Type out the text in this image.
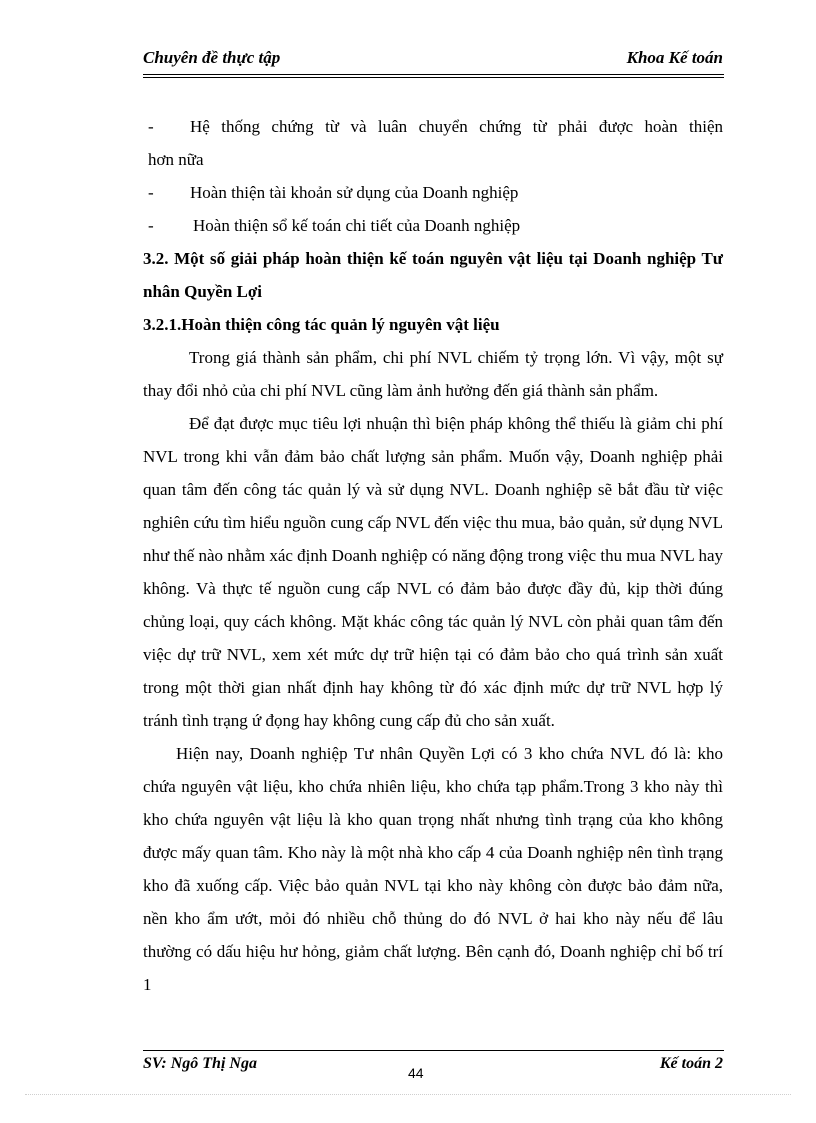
Chuyên đề thực tập	Khoa Kế toán
- Hệ thống chứng từ và luân chuyển chứng từ phải được hoàn thiện
hơn nữa
- Hoàn thiện tài khoản sử dụng của Doanh nghiệp
- Hoàn thiện sổ kế toán chi tiết của Doanh nghiệp

3.2. Một số giải pháp hoàn thiện kế toán nguyên vật liệu tại Doanh nghiệp Tư nhân Quyền Lợi

3.2.1.Hoàn thiện công tác quản lý nguyên vật liệu

Trong giá thành sản phẩm, chi phí NVL chiếm tỷ trọng lớn. Vì vậy, một sự thay đổi nhỏ của chi phí NVL cũng làm ảnh hưởng đến giá thành sản phẩm.

Để đạt được mục tiêu lợi nhuận thì biện pháp không thể thiếu là giảm chi phí NVL trong khi vẫn đảm bảo chất lượng sản phẩm. Muốn vậy, Doanh nghiệp phải quan tâm đến công tác quản lý và sử dụng NVL. Doanh nghiệp sẽ bắt đầu từ việc nghiên cứu tìm hiểu nguồn cung cấp NVL đến việc thu mua, bảo quản, sử dụng NVL như thế nào nhằm xác định Doanh nghiệp có năng động trong việc thu mua NVL hay không. Và thực tế nguồn cung cấp NVL có đảm bảo được đầy đủ, kịp thời đúng chủng loại, quy cách không. Mặt khác công tác quản lý NVL còn phải quan tâm đến việc dự trữ NVL, xem xét mức dự trữ hiện tại có đảm bảo cho quá trình sản xuất trong một thời gian nhất định hay không từ đó xác định mức dự trữ NVL hợp lý tránh tình trạng ứ đọng hay không cung cấp đủ cho sản xuất.

Hiện nay, Doanh nghiệp Tư nhân Quyền Lợi có 3 kho chứa NVL đó là: kho chứa nguyên vật liệu, kho chứa nhiên liệu, kho chứa tạp phẩm.Trong 3 kho này thì kho chứa nguyên vật liệu là kho quan trọng nhất nhưng tình trạng của kho không được mấy quan tâm. Kho này là một nhà kho cấp 4 của Doanh nghiệp nên tình trạng kho đã xuống cấp. Việc bảo quản NVL tại kho này không còn được bảo đảm nữa, nền kho ẩm ướt, mỏi đó nhiều chỗ thủng do đó NVL ở hai kho này nếu để lâu thường có dấu hiệu hư hỏng, giảm chất lượng. Bên cạnh đó, Doanh nghiệp chỉ bố trí 1

SV: Ngô Thị Nga
44
Kế toán 2
